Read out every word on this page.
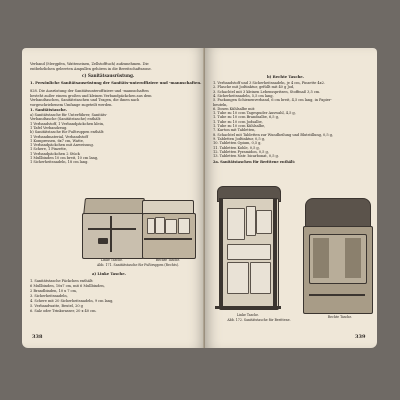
Verband (Mergpfen, Watteneinen, Zellstofftuch) aufzunehmen. Die
entbehrlichen geleerten Ampullen gehören in die Bereitschaftszone.
c) Sanitätsausrüstung.
1. Persönliche Sanitätsausrüstung der Sanitäts-unteroffiziere und -mannschaften.
828. Die Ausrüstung der Sanitätsunteroffiziere und -mannschaften
besteht außer einem großen und kleinen Verbandpäckchen aus dem
Verbandtaschen, Sanitätstaschen und Tragen, die ihnen nach
vorgeschriebenem Umfange zugeteilt werden.
1. Sanitätstasche.
a) Sanitätstasche für Unterführer, Sanitäts-
Verbandtasche (Sanitätstasche) enthält:
1 Verbandstoff, 1 Verbandpäckchen klein,
1 Tafel Verbandzeug.
b) Sanitätstasche für Fußtruppen enthält:
1 Verbandmaterial, Verbandstoff
1 Kompressen, 6x7 cm, Watte,
1 Verbandpäckchen mit Anweisung.
1 Schere, 1 Pinzette,
1 Verbandpäckchen 2 Stück
1 Mullbinden 10 cm breit, 10 cm lang,
1 Sicherheitsnadeln, 18 cm lang.
Linke Tasche.	Rechte Tasche.
Abb. 171. Sanitätstasche für Fußtruppen (Rechts).
a) Linke Tasche.
1. Sanitätstasche Päckchen enthält:
6 Mullbinden, 10x7 cm, mit 6 Mullbinden,
2 Brandbinden, 10 x 7 cm,
3. Sicherheitsnadeln,
4. Schere mit 20 Sicherheitsnadeln, 9 cm lang,
5. Verbandwatte, Beutel, 20 g
6. Salz oder Trinkwasser, 20 x 40 cm.
338
b) Rechte Tasche.
1. Verbandstoff und 3 Sicherheitsnadeln, je 4 cm, Pinzette 4x2.
2. Flasche mit Jodtinktur, gefüllt mit 40 g Jod,
3. Schachtel mit 3 kleinen Lebensspritzen, Stoffmaß 3,5 cm.
4. Sicherheitsnadeln, 5,5 cm lang,
5. Packungen Schienenverband, 6 cm breit, 4,5 cm lang, in Papier-
beuteln,
6. Dosen Kühlsalbe mit:
1. Tube zu 10 ccm Tagespuder Auswahl, 4,5 g,
1. Tube zu 10 ccm Brandsalbe, 6,5 g,
1. Tube zu 10 ccm Jodsalbe,
1. Tube zu 10 ccm Kühlsalbe,
7. Karton mit Tabletten,
8. Schachtel mit Tabletten zur Wundheilung und Blutstillung, 0,5 g,
9. Tabletten Jodtinktur, 0,5 g,
10. Tabletten Opium, 0,5 g,
11. Tabletten Kohle, 0,5 g,
12. Tabletten Pyramidon, 0,5 g,
13. Tabletten Natr. bicarbonat, 0,5 g.
2a. Sanitätstaschen für Berittene enthält:
Linke Tasche.
Abb. 172. Sanitätstasche für Berittene.
Rechte Tasche.
339
